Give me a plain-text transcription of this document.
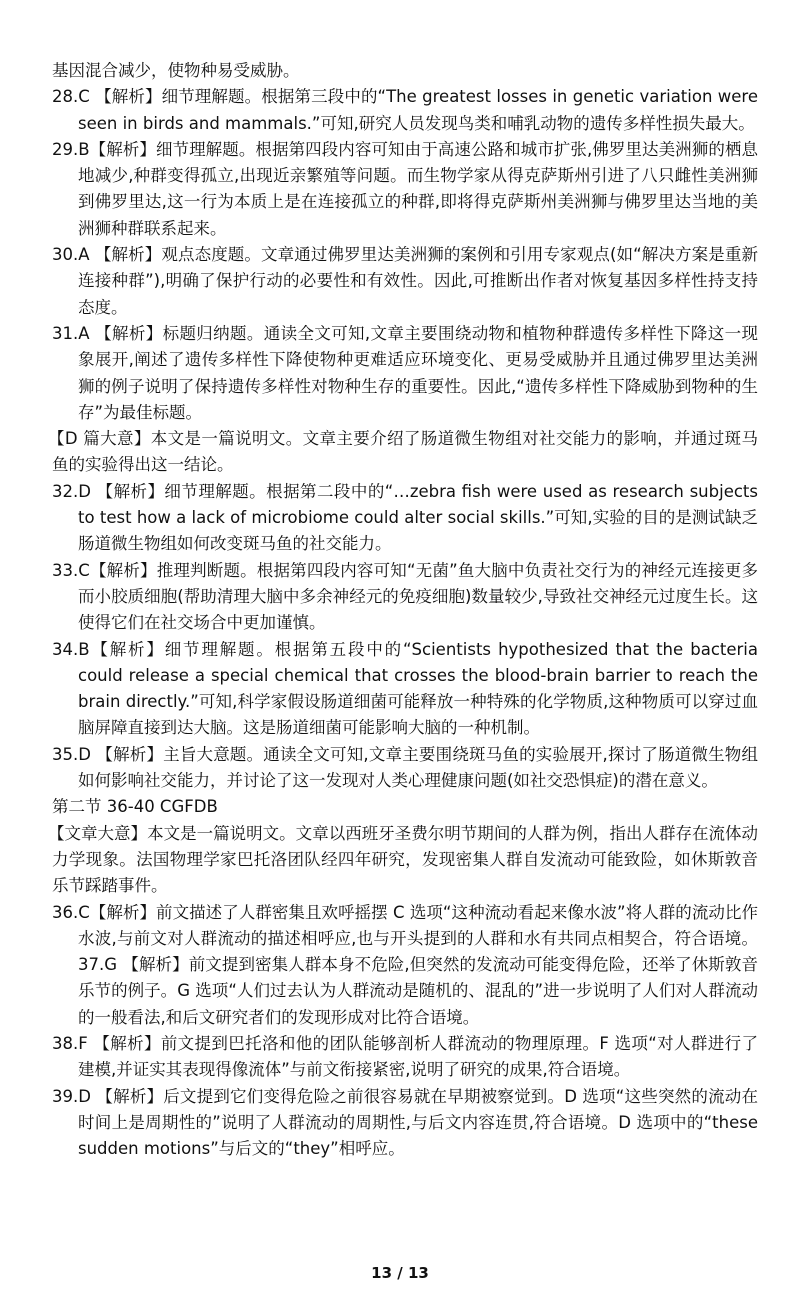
基因混合减少，使物种易受威胁。

28.C 【解析】细节理解题。根据第三段中的“The greatest losses in genetic variation were seen in birds and mammals.”可知,研究人员发现鸟类和哺乳动物的遗传多样性损失最大。

29.B【解析】细节理解题。根据第四段内容可知由于高速公路和城市扩张,佛罗里达美洲狮的栖息地减少,种群变得孤立,出现近亲繁殖等问题。而生物学家从得克萨斯州引进了八只雌性美洲狮到佛罗里达,这一行为本质上是在连接孤立的种群,即将得克萨斯州美洲狮与佛罗里达当地的美洲狮种群联系起来。

30.A 【解析】观点态度题。文章通过佛罗里达美洲狮的案例和引用专家观点(如“解决方案是重新连接种群”),明确了保护行动的必要性和有效性。因此,可推断出作者对恢复基因多样性持支持态度。

31.A 【解析】标题归纳题。通读全文可知,文章主要围绕动物和植物种群遗传多样性下降这一现象展开,阐述了遗传多样性下降使物种更难适应环境变化、更易受威胁并且通过佛罗里达美洲狮的例子说明了保持遗传多样性对物种生存的重要性。因此,“遗传多样性下降威胁到物种的生存”为最佳标题。

【D 篇大意】本文是一篇说明文。文章主要介绍了肠道微生物组对社交能力的影响，并通过斑马鱼的实验得出这一结论。

32.D 【解析】细节理解题。根据第二段中的“…zebra fish were used as research subjects to test how a lack of microbiome could alter social skills.”可知,实验的目的是测试缺乏肠道微生物组如何改变斑马鱼的社交能力。

33.C【解析】推理判断题。根据第四段内容可知“无菌”鱼大脑中负责社交行为的神经元连接更多而小胶质细胞(帮助清理大脑中多余神经元的免疫细胞)数量较少,导致社交神经元过度生长。这使得它们在社交场合中更加谨慎。

34.B【解析】细节理解题。根据第五段中的“Scientists hypothesized that the bacteria could release a special chemical that crosses the blood-brain barrier to reach the brain directly.”可知,科学家假设肠道细菌可能释放一种特殊的化学物质,这种物质可以穿过血脑屏障直接到达大脑。这是肠道细菌可能影响大脑的一种机制。

35.D 【解析】主旨大意题。通读全文可知,文章主要围绕斑马鱼的实验展开,探讨了肠道微生物组如何影响社交能力，并讨论了这一发现对人类心理健康问题(如社交恐惧症)的潜在意义。

第二节 36-40 CGFDB

【文章大意】本文是一篇说明文。文章以西班牙圣费尔明节期间的人群为例，指出人群存在流体动力学现象。法国物理学家巴托洛团队经四年研究，发现密集人群自发流动可能致险，如休斯敦音乐节踩踏事件。

36.C【解析】前文描述了人群密集且欢呼摇摆 C 选项“这种流动看起来像水波”将人群的流动比作水波,与前文对人群流动的描述相呼应,也与开头提到的人群和水有共同点相契合，符合语境。37.G 【解析】前文提到密集人群本身不危险,但突然的发流动可能变得危险，还举了休斯敦音乐节的例子。G 选项“人们过去认为人群流动是随机的、混乱的”进一步说明了人们对人群流动的一般看法,和后文研究者们的发现形成对比符合语境。

38.F 【解析】前文提到巴托洛和他的团队能够剖析人群流动的物理原理。F 选项“对人群进行了建模,并证实其表现得像流体”与前文衔接紧密,说明了研究的成果,符合语境。

39.D 【解析】后文提到它们变得危险之前很容易就在早期被察觉到。D 选项“这些突然的流动在时间上是周期性的”说明了人群流动的周期性,与后文内容连贯,符合语境。D 选项中的“these sudden motions”与后文的“they”相呼应。

13 / 13
